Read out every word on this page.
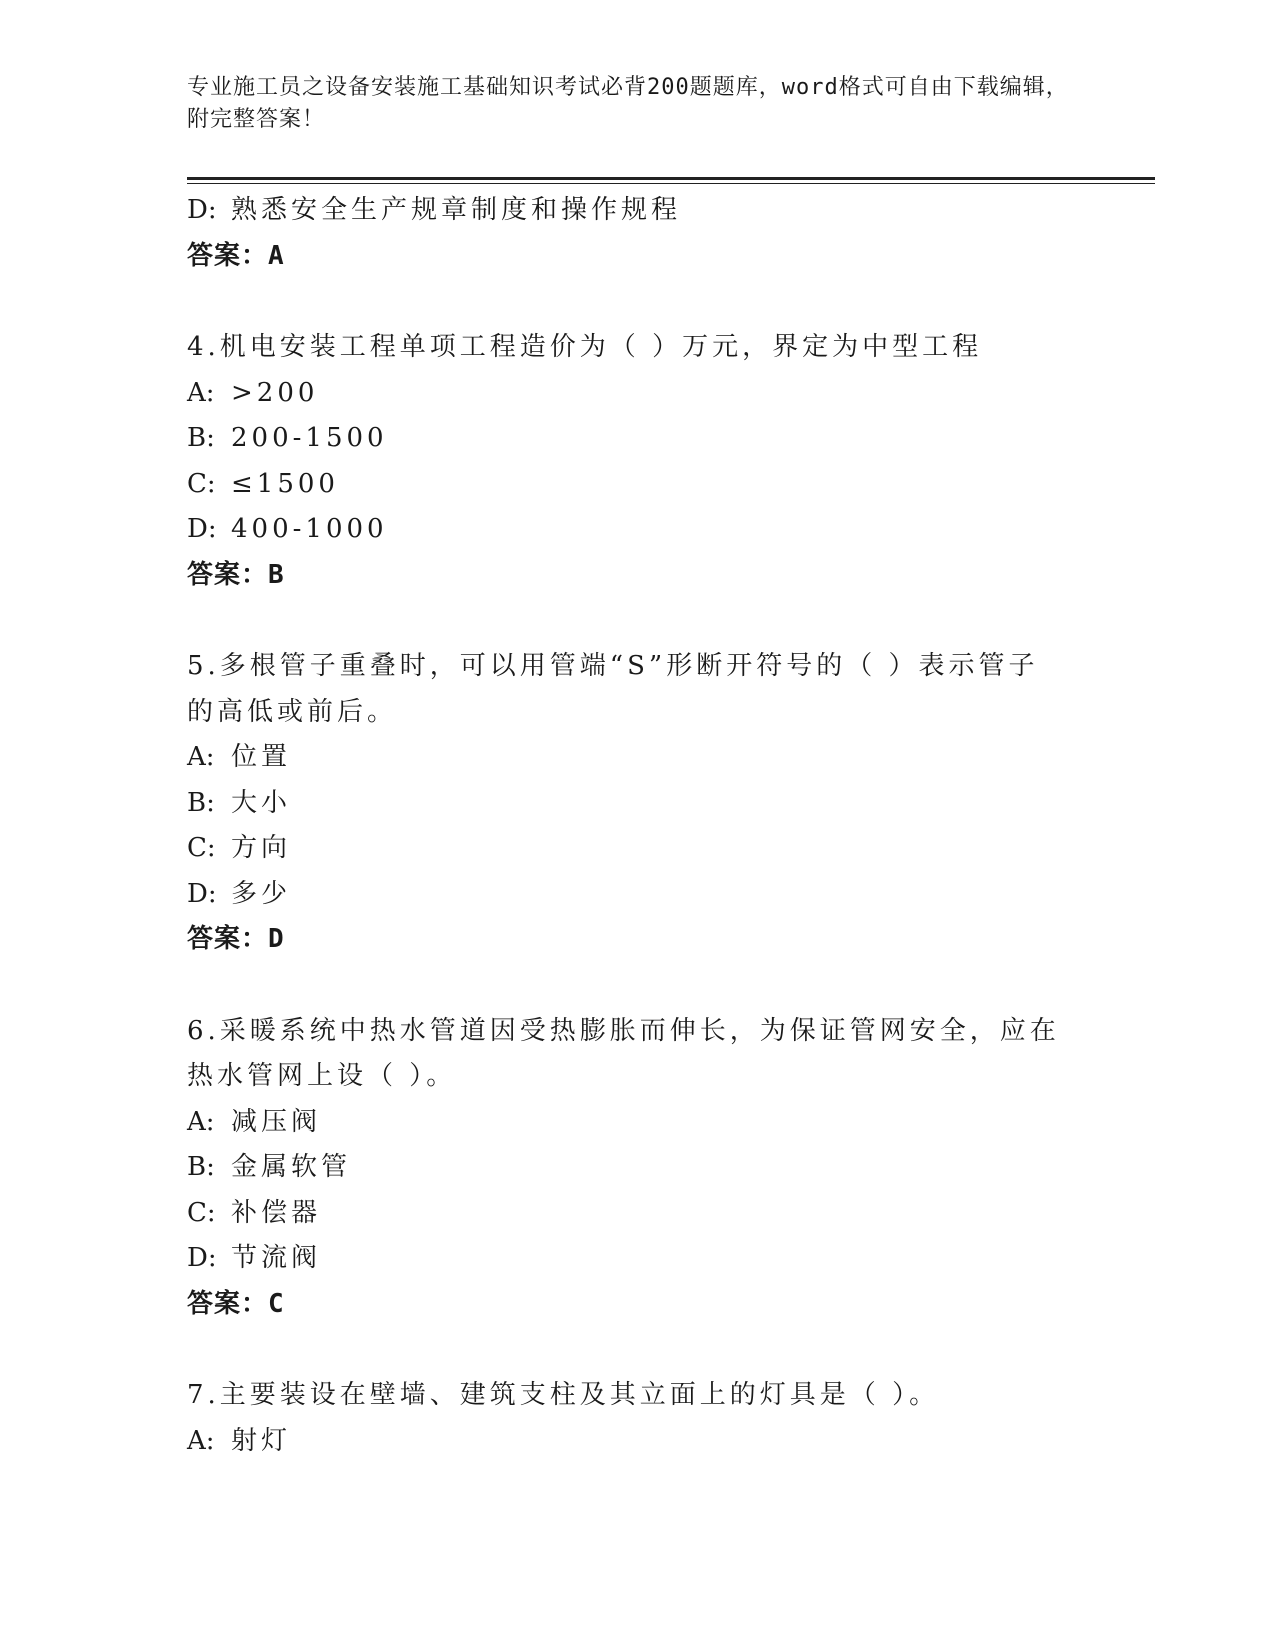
专业施工员之设备安装施工基础知识考试必背200题题库，word格式可自由下载编辑，附完整答案！
D: 熟悉安全生产规章制度和操作规程
答案：A
4.机电安装工程单项工程造价为（ ）万元，界定为中型工程
A: >200
B: 200-1500
C: ≤1500
D: 400-1000
答案：B
5.多根管子重叠时，可以用管端“S”形断开符号的（ ）表示管子的高低或前后。
A: 位置
B: 大小
C: 方向
D: 多少
答案：D
6.采暖系统中热水管道因受热膨胀而伸长，为保证管网安全，应在热水管网上设（ ）。
A: 减压阀
B: 金属软管
C: 补偿器
D: 节流阀
答案：C
7.主要装设在壁墙、建筑支柱及其立面上的灯具是（ ）。
A: 射灯
